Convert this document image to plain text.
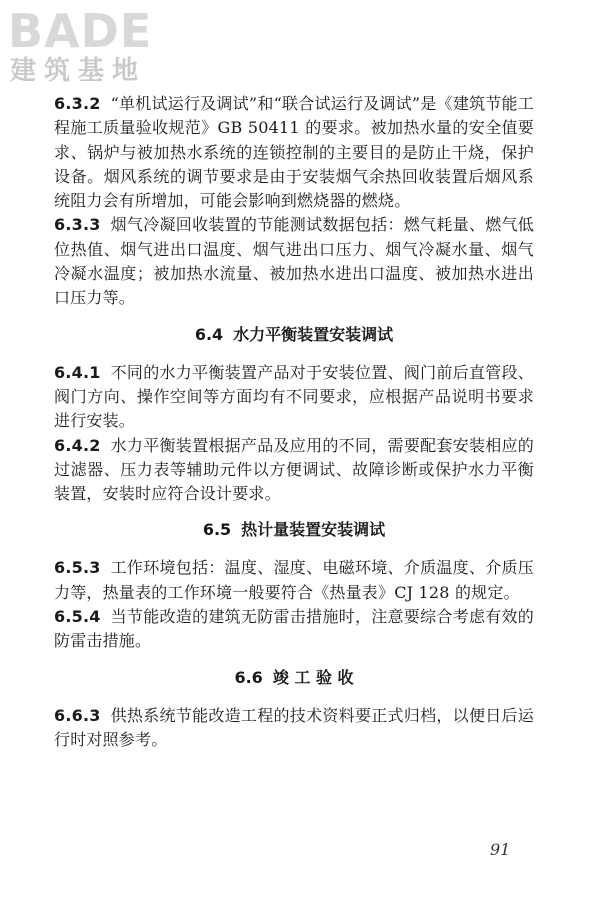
BADE
建筑基地

6.3.2 “单机试运行及调试”和“联合试运行及调试”是《建筑节能工程施工质量验收规范》GB 50411 的要求。被加热水量的安全值要求、锅炉与被加热水系统的连锁控制的主要目的是防止干烧，保护设备。烟风系统的调节要求是由于安装烟气余热回收装置后烟风系统阻力会有所增加，可能会影响到燃烧器的燃烧。

6.3.3 烟气冷凝回收装置的节能测试数据包括：燃气耗量、燃气低位热值、烟气进出口温度、烟气进出口压力、烟气冷凝水量、烟气冷凝水温度；被加热水流量、被加热水进出口温度、被加热水进出口压力等。

6.4 水力平衡装置安装调试

6.4.1 不同的水力平衡装置产品对于安装位置、阀门前后直管段、阀门方向、操作空间等方面均有不同要求，应根据产品说明书要求进行安装。

6.4.2 水力平衡装置根据产品及应用的不同，需要配套安装相应的过滤器、压力表等辅助元件以方便调试、故障诊断或保护水力平衡装置，安装时应符合设计要求。

6.5 热计量装置安装调试

6.5.3 工作环境包括：温度、湿度、电磁环境、介质温度、介质压力等，热量表的工作环境一般要符合《热量表》CJ 128 的规定。

6.5.4 当节能改造的建筑无防雷击措施时，注意要综合考虑有效的防雷击措施。

6.6 竣 工 验 收

6.6.3 供热系统节能改造工程的技术资料要正式归档，以便日后运行时对照参考。

91
